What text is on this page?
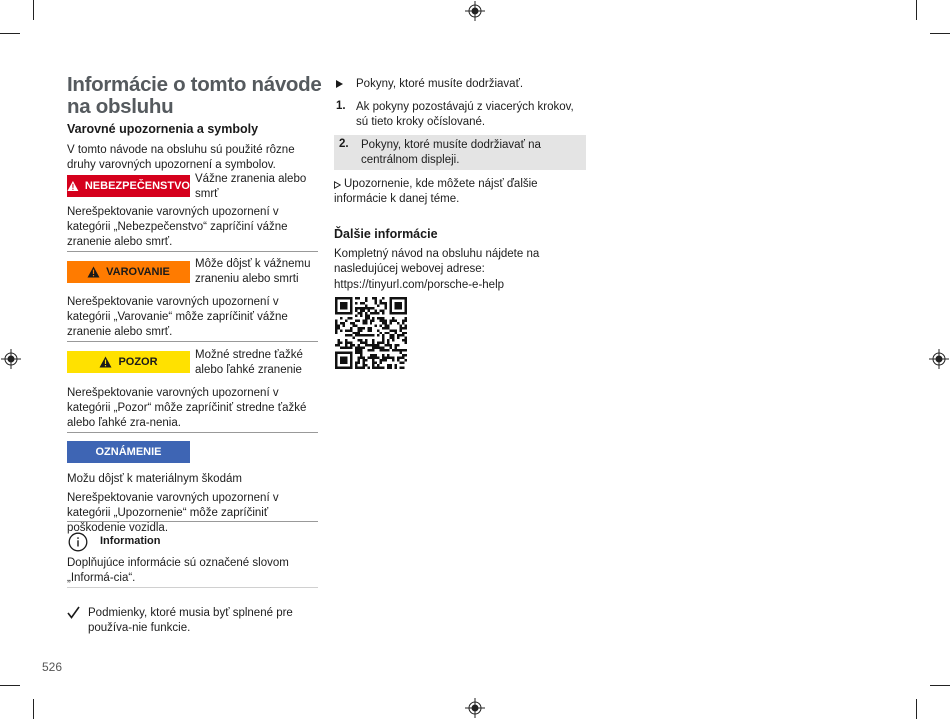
Informácie o tomto návode na obsluhu
Varovné upozornenia a symboly
V tomto návode na obsluhu sú použité rôzne druhy varovných upozornení a symbolov.
NEBEZPEČENSTVO
Vážne zranenia alebo smrť
Nerešpektovanie varovných upozornení v kategórii „Nebezpečenstvo“ zapríčiní vážne zranenie alebo smrť.
VAROVANIE
Môže dôjsť k vážnemu zraneniu alebo smrti
Nerešpektovanie varovných upozornení v kategórii „Varovanie“ môže zapríčiniť vážne zranenie alebo smrť.
POZOR
Možné stredne ťažké alebo ľahké zranenie
Nerešpektovanie varovných upozornení v kategórii „Pozor“ môže zapríčiniť stredne ťažké alebo ľahké zra-nenia.
OZNÁMENIE
Možu dôjsť k materiálnym škodám
Nerešpektovanie varovných upozornení v kategórii „Upozornenie“ môže zapríčiniť poškodenie vozidla.
Information
Doplňujúce informácie sú označené slovom „Informá-cia“.
Podmienky, ktoré musia byť splnené pre používa-nie funkcie.
526
Pokyny, ktoré musíte dodržiavať.
1. Ak pokyny pozostávajú z viacerých krokov, sú tieto kroky očíslované.
2. Pokyny, ktoré musíte dodržiavať na centrálnom displeji.
Upozornenie, kde môžete nájsť ďalšie informácie k danej téme.
Ďalšie informácie
Kompletný návod na obsluhu nájdete na nasledujúcej webovej adrese:
https://tinyurl.com/porsche-e-help
